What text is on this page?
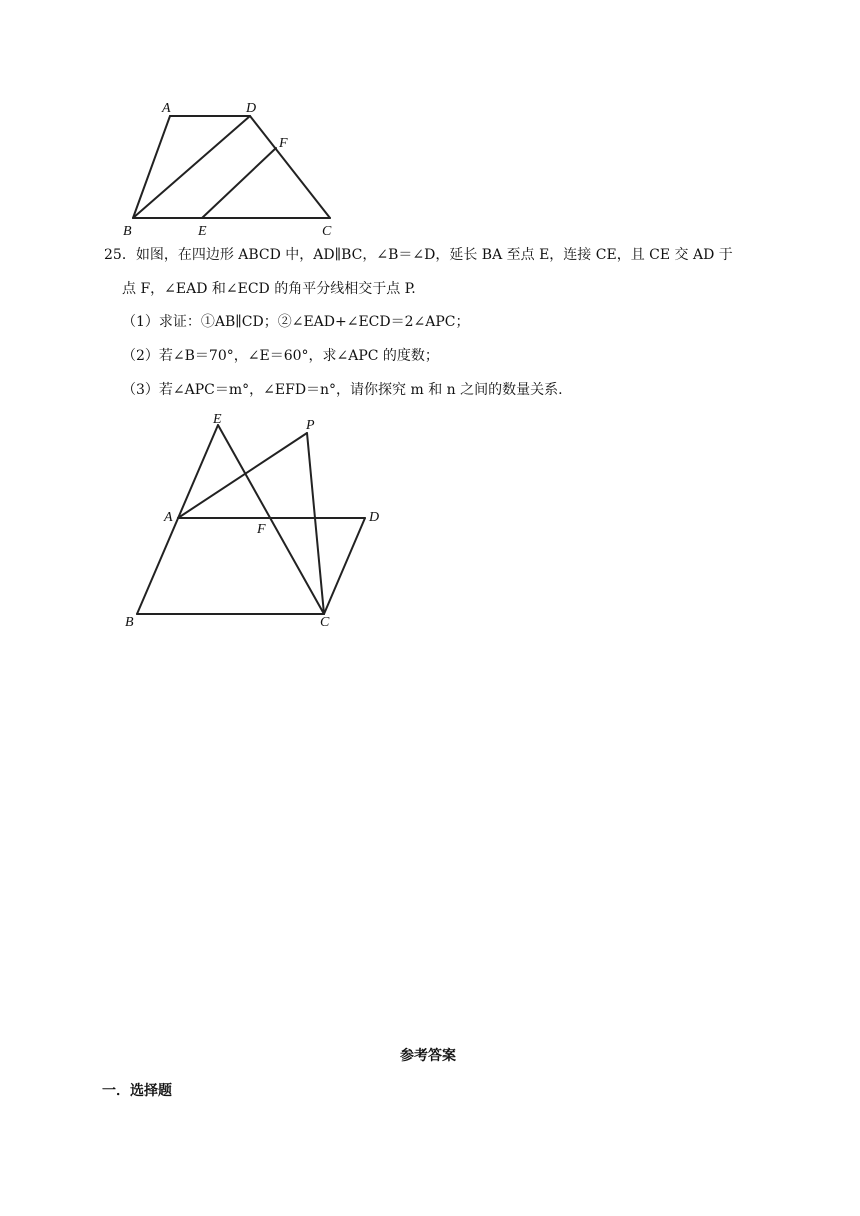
A	D
F
B	E	C
25．如图，在四边形 ABCD 中，AD∥BC，∠B＝∠D，延长 BA 至点 E，连接 CE，且 CE 交 AD 于
点 F，∠EAD 和∠ECD 的角平分线相交于点 P.
（1）求证：①AB∥CD；②∠EAD+∠ECD＝2∠APC；
（2）若∠B＝70°，∠E＝60°，求∠APC 的度数；
（3）若∠APC＝m°，∠EFD＝n°，请你探究 m 和 n 之间的数量关系.
E	P
A
F
D
B	C
参考答案
一．选择题
